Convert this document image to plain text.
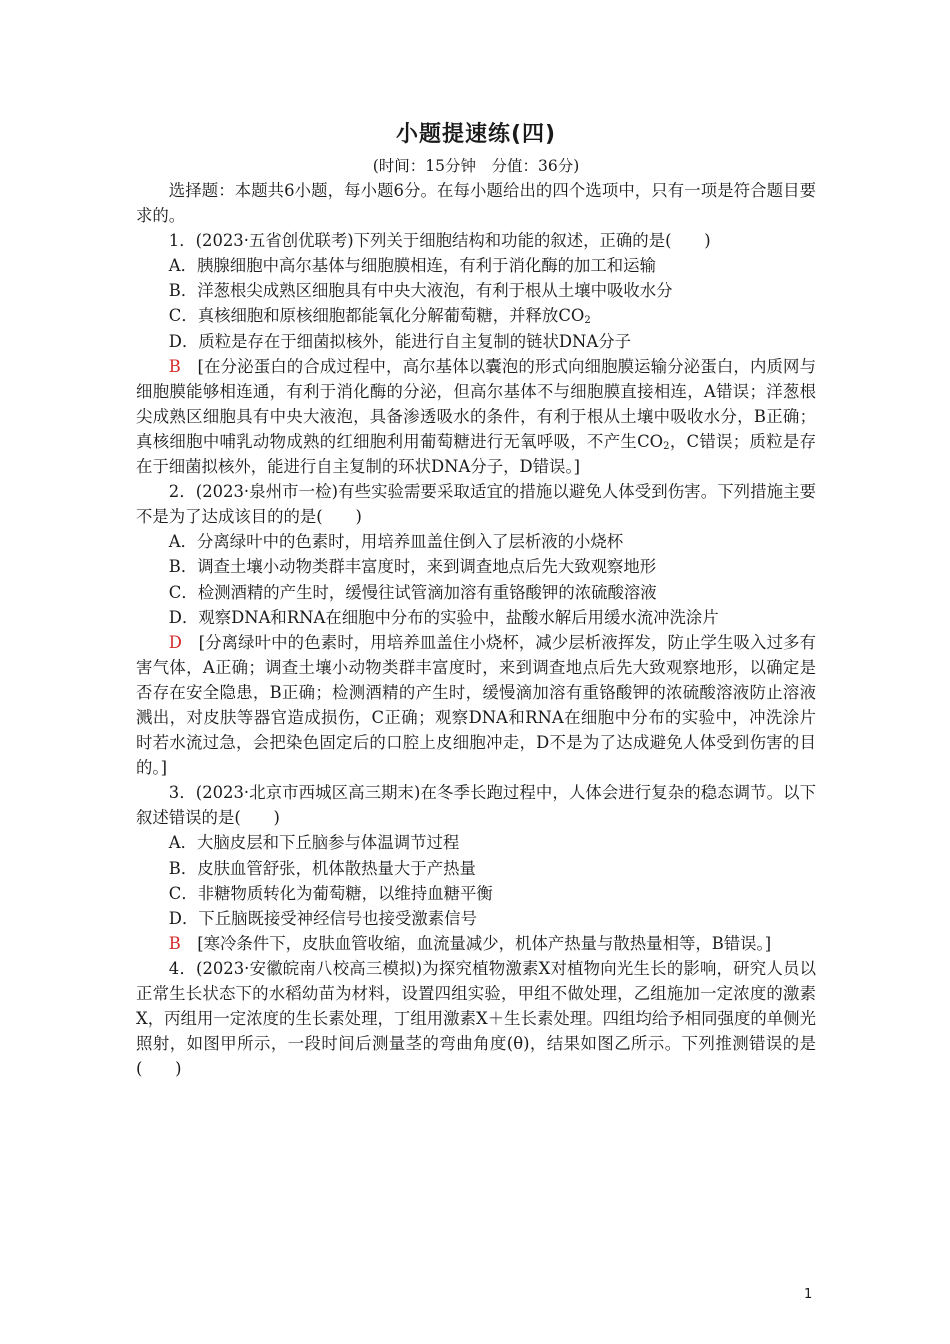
小题提速练(四)
(时间：15分钟　分值：36分)

选择题：本题共6小题，每小题6分。在每小题给出的四个选项中，只有一项是符合题目要求的。

1．(2023·五省创优联考)下列关于细胞结构和功能的叙述，正确的是(　　)

A．胰腺细胞中高尔基体与细胞膜相连，有利于消化酶的加工和运输

B．洋葱根尖成熟区细胞具有中央大液泡，有利于根从土壤中吸收水分

C．真核细胞和原核细胞都能氧化分解葡萄糖，并释放$CO_2$

D．质粒是存在于细菌拟核外，能进行自主复制的链状DNA分子

B　[在分泌蛋白的合成过程中，高尔基体以囊泡的形式向细胞膜运输分泌蛋白，内质网与细胞膜能够相连通，有利于消化酶的分泌，但高尔基体不与细胞膜直接相连，A错误；洋葱根尖成熟区细胞具有中央大液泡，具备渗透吸水的条件，有利于根从土壤中吸收水分，B正确；真核细胞中哺乳动物成熟的红细胞利用葡萄糖进行无氧呼吸，不产生$CO_2$，C错误；质粒是存在于细菌拟核外，能进行自主复制的环状DNA分子，D错误。]

2．(2023·泉州市一检)有些实验需要采取适宜的措施以避免人体受到伤害。下列措施主要不是为了达成该目的的是(　　)

A．分离绿叶中的色素时，用培养皿盖住倒入了层析液的小烧杯

B．调查土壤小动物类群丰富度时，来到调查地点后先大致观察地形

C．检测酒精的产生时，缓慢往试管滴加溶有重铬酸钾的浓硫酸溶液

D．观察DNA和RNA在细胞中分布的实验中，盐酸水解后用缓水流冲洗涂片

D　[分离绿叶中的色素时，用培养皿盖住小烧杯，减少层析液挥发，防止学生吸入过多有害气体，A正确；调查土壤小动物类群丰富度时，来到调查地点后先大致观察地形，以确定是否存在安全隐患，B正确；检测酒精的产生时，缓慢滴加溶有重铬酸钾的浓硫酸溶液防止溶液溅出，对皮肤等器官造成损伤，C正确；观察DNA和RNA在细胞中分布的实验中，冲洗涂片时若水流过急，会把染色固定后的口腔上皮细胞冲走，D不是为了达成避免人体受到伤害的目的。]

3．(2023·北京市西城区高三期末)在冬季长跑过程中，人体会进行复杂的稳态调节。以下叙述错误的是(　　)

A．大脑皮层和下丘脑参与体温调节过程

B．皮肤血管舒张，机体散热量大于产热量

C．非糖物质转化为葡萄糖，以维持血糖平衡

D．下丘脑既接受神经信号也接受激素信号

B　[寒冷条件下，皮肤血管收缩，血流量减少，机体产热量与散热量相等，B错误。]

4．(2023·安徽皖南八校高三模拟)为探究植物激素X对植物向光生长的影响，研究人员以正常生长状态下的水稻幼苗为材料，设置四组实验，甲组不做处理，乙组施加一定浓度的激素X，丙组用一定浓度的生长素处理，丁组用激素X＋生长素处理。四组均给予相同强度的单侧光照射，如图甲所示，一段时间后测量茎的弯曲角度(θ)，结果如图乙所示。下列推测错误的是(　　)

1
